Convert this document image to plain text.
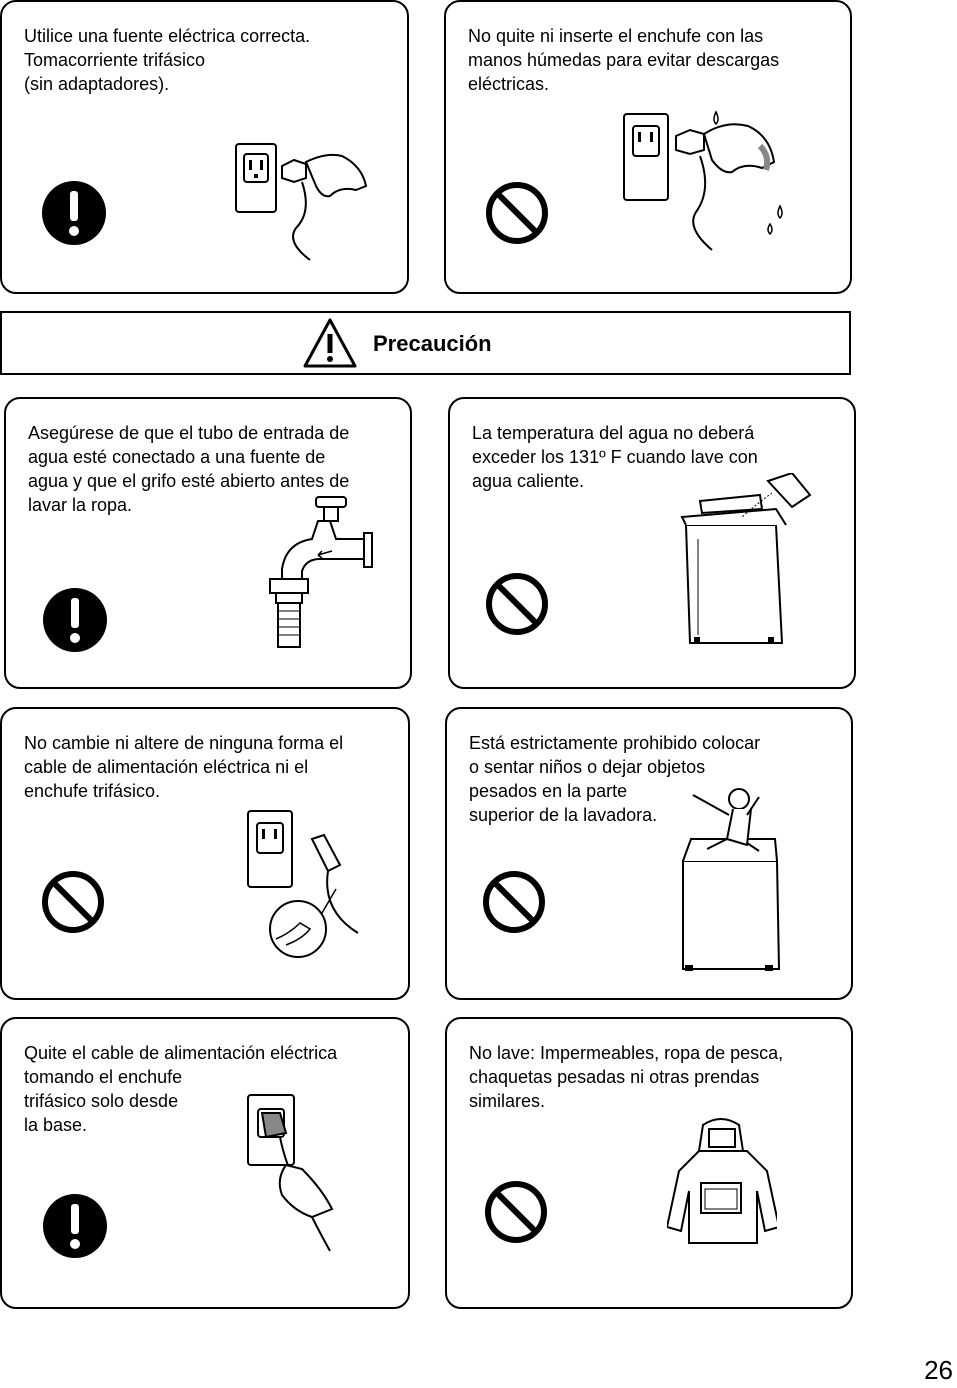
Utilice una fuente eléctrica correcta.
Tomacorriente trifásico
(sin adaptadores).

No quite ni inserte el enchufe con las
manos húmedas para evitar descargas
eléctricas.

Precaución

Asegúrese de que el tubo de entrada de
agua esté conectado a una fuente de
agua y que el grifo esté abierto antes de
lavar la ropa.

La temperatura del agua no deberá
exceder los 131º F cuando lave con
agua caliente.

No cambie ni altere de ninguna forma el
cable de alimentación eléctrica ni el
enchufe trifásico.

Está estrictamente prohibido colocar
o sentar niños o dejar objetos
pesados en la parte
superior de la lavadora.

Quite el cable de alimentación eléctrica
tomando el enchufe
trifásico solo desde
la base.

No lave: Impermeables, ropa de pesca,
chaquetas pesadas ni otras prendas
similares.

26
